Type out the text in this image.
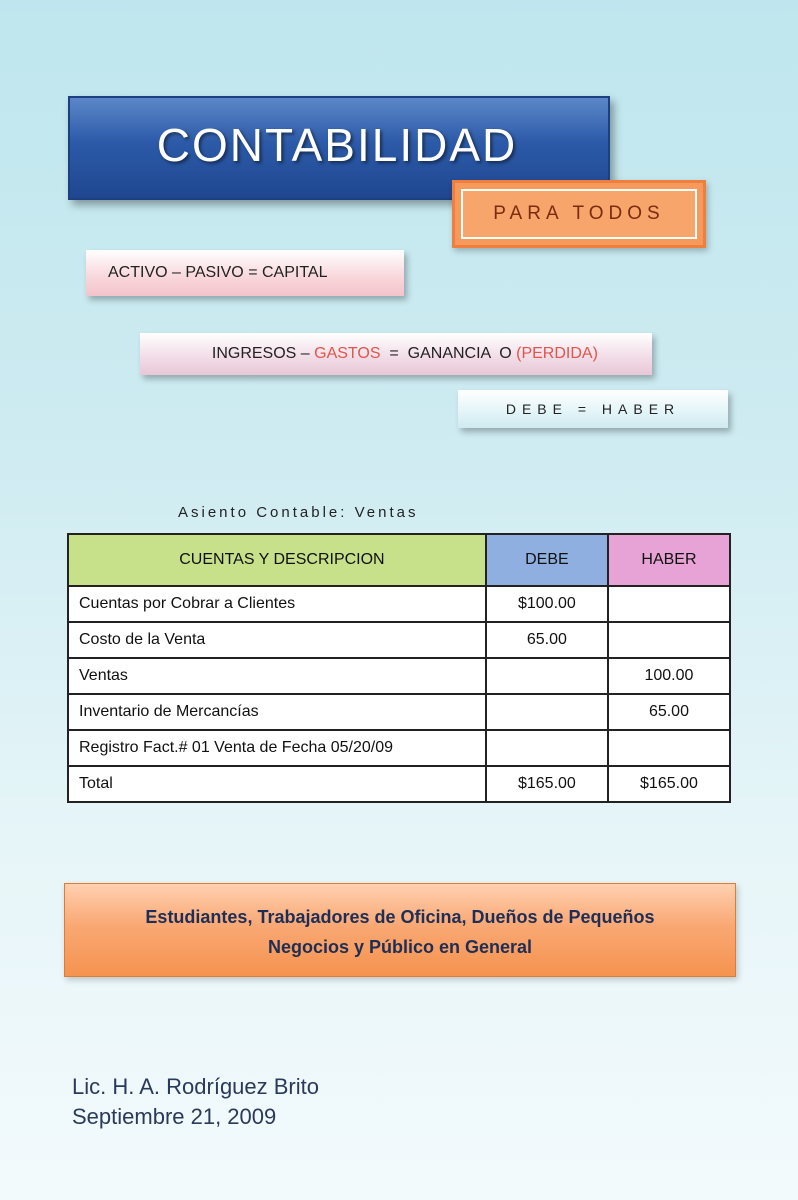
CONTABILIDAD
PARA TODOS
ACTIVO – PASIVO = CAPITAL

INGRESOS – GASTOS  =  GANANCIA  O (PERDIDA)

DEBE = HABER
Asiento Contable: Ventas
CUENTAS Y DESCRIPCION	DEBE	HABER
Cuentas por Cobrar a Clientes	$100.00	
Costo de la Venta	65.00	
Ventas		100.00
Inventario de Mercancías		65.00
Registro Fact.# 01 Venta de Fecha 05/20/09		
Total	$165.00	$165.00
Estudiantes, Trabajadores de Oficina, Dueños de Pequeños
Negocios y Público en General
Lic. H. A. Rodríguez Brito
Septiembre 21, 2009
